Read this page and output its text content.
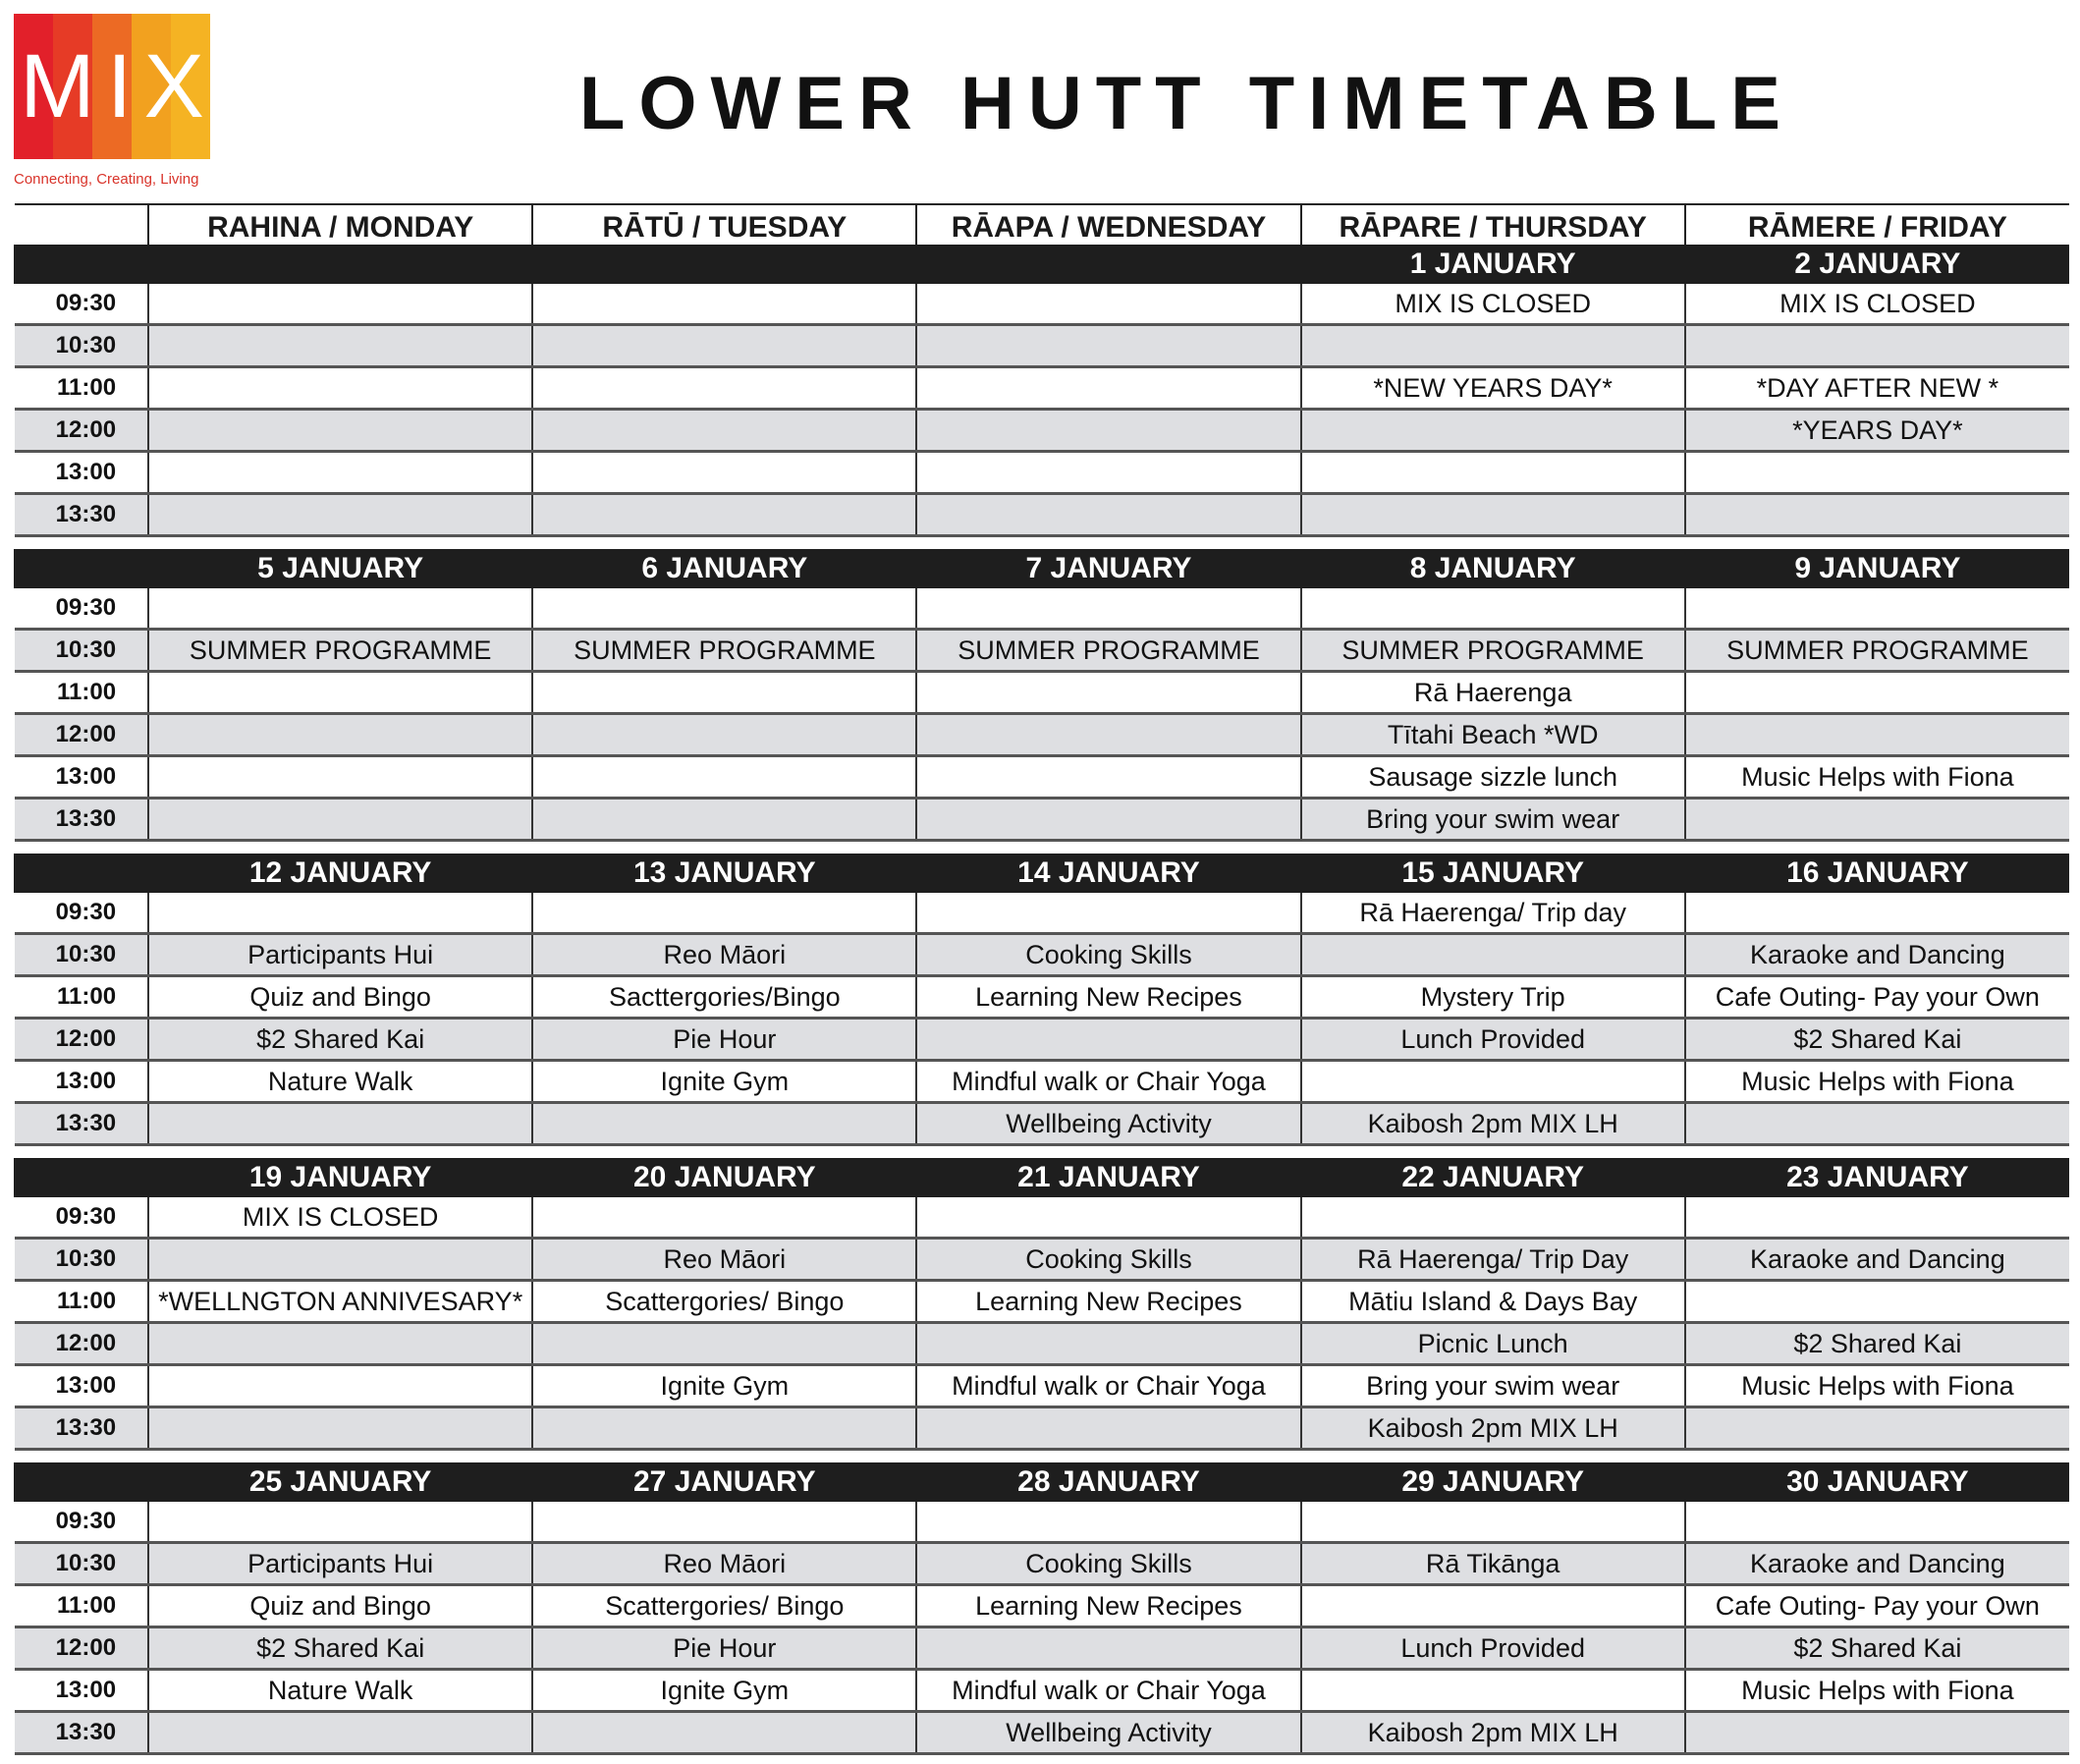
M I X
Connecting, Creating, Living
LOWER HUTT TIMETABLE
	RAHINA / MONDAY	RĀTŪ / TUESDAY	RĀAPA / WEDNESDAY	RĀPARE / THURSDAY	RĀMERE / FRIDAY
				1 JANUARY	2 JANUARY
09:30				MIX IS CLOSED	MIX IS CLOSED
10:30					
11:00				*NEW YEARS DAY*	*DAY AFTER NEW *
12:00					*YEARS DAY*
13:00					
13:30					

	5 JANUARY	6 JANUARY	7 JANUARY	8 JANUARY	9 JANUARY
09:30					
10:30	SUMMER PROGRAMME	SUMMER PROGRAMME	SUMMER PROGRAMME	SUMMER PROGRAMME	SUMMER PROGRAMME
11:00				Rā Haerenga	
12:00				Tītahi Beach *WD	
13:00				Sausage sizzle lunch	Music Helps with Fiona
13:30				Bring your swim wear	

	12 JANUARY	13 JANUARY	14 JANUARY	15 JANUARY	16 JANUARY
09:30				Rā Haerenga/ Trip day	
10:30	Participants Hui	Reo Māori	Cooking Skills		Karaoke and Dancing
11:00	Quiz and Bingo	Sacttergories/Bingo	Learning New Recipes	Mystery Trip	Cafe Outing- Pay your Own
12:00	$2 Shared Kai	Pie Hour		Lunch Provided	$2 Shared Kai
13:00	Nature Walk	Ignite Gym	Mindful walk or Chair Yoga		Music Helps with Fiona
13:30			Wellbeing Activity	Kaibosh 2pm MIX LH	

	19 JANUARY	20 JANUARY	21 JANUARY	22 JANUARY	23 JANUARY
09:30	MIX IS CLOSED				
10:30		Reo Māori	Cooking Skills	Rā Haerenga/ Trip Day	Karaoke and Dancing
11:00	*WELLNGTON ANNIVESARY*	Scattergories/ Bingo	Learning New Recipes	Mātiu Island & Days Bay	
12:00				Picnic Lunch	$2 Shared Kai
13:00		Ignite Gym	Mindful walk or Chair Yoga	Bring your swim wear	Music Helps with Fiona
13:30				Kaibosh 2pm MIX LH	

	25 JANUARY	27 JANUARY	28 JANUARY	29 JANUARY	30 JANUARY
09:30					
10:30	Participants Hui	Reo Māori	Cooking Skills	Rā Tikānga	Karaoke and Dancing
11:00	Quiz and Bingo	Scattergories/ Bingo	Learning New Recipes		Cafe Outing- Pay your Own
12:00	$2 Shared Kai	Pie Hour		Lunch Provided	$2 Shared Kai
13:00	Nature Walk	Ignite Gym	Mindful walk or Chair Yoga		Music Helps with Fiona
13:30			Wellbeing Activity	Kaibosh 2pm MIX LH	
